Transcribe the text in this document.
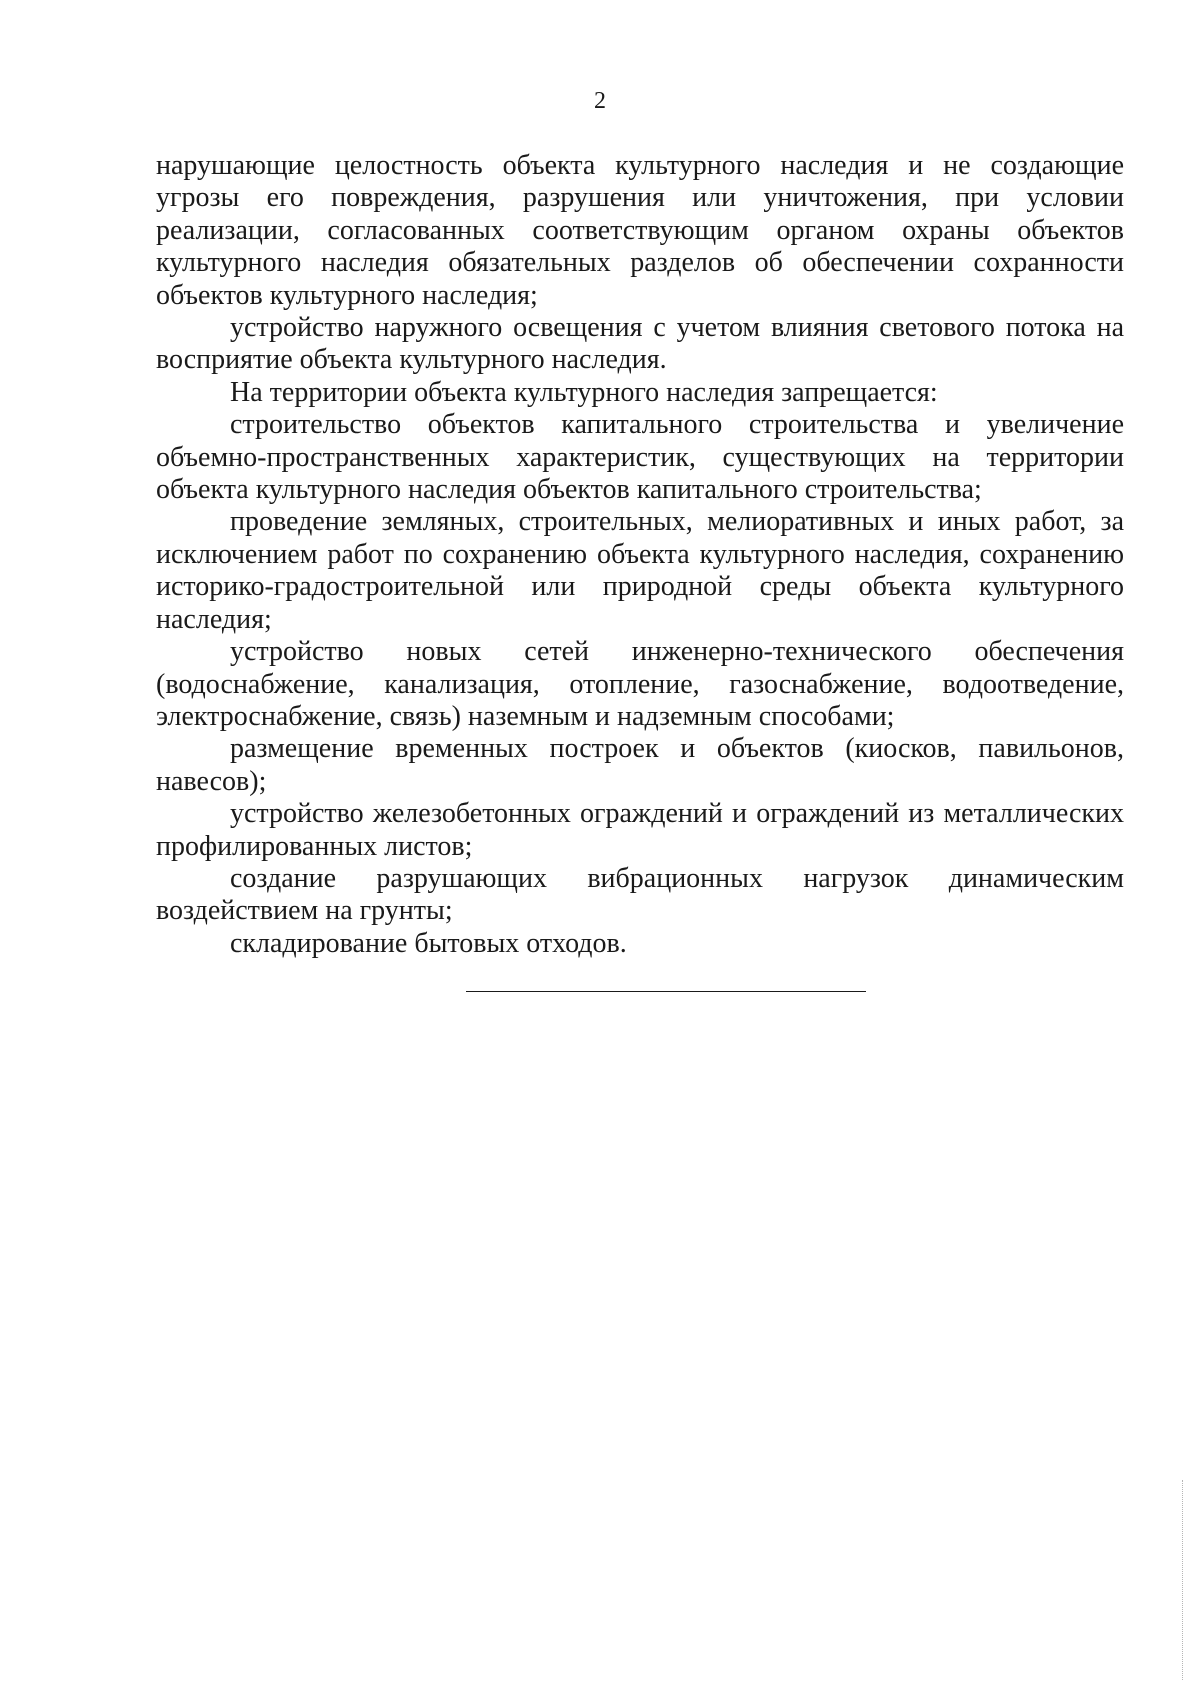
2

нарушающие целостность объекта культурного наследия и не создающие угрозы его повреждения, разрушения или уничтожения, при условии реализации, согласованных соответствующим органом охраны объектов культурного наследия обязательных разделов об обеспечении сохранности объектов культурного наследия;

устройство наружного освещения с учетом влияния светового потока на восприятие объекта культурного наследия.

На территории объекта культурного наследия запрещается:

строительство объектов капитального строительства и увеличение объемно-пространственных характеристик, существующих на территории объекта культурного наследия объектов капитального строительства;

проведение земляных, строительных, мелиоративных и иных работ, за исключением работ по сохранению объекта культурного наследия, сохранению историко-градостроительной или природной среды объекта культурного наследия;

устройство новых сетей инженерно-технического обеспечения (водоснабжение, канализация, отопление, газоснабжение, водоотведение, электроснабжение, связь) наземным и надземным способами;

размещение временных построек и объектов (киосков, павильонов, навесов);

устройство железобетонных ограждений и ограждений из металлических профилированных листов;

создание разрушающих вибрационных нагрузок динамическим воздействием на грунты;

складирование бытовых отходов.
